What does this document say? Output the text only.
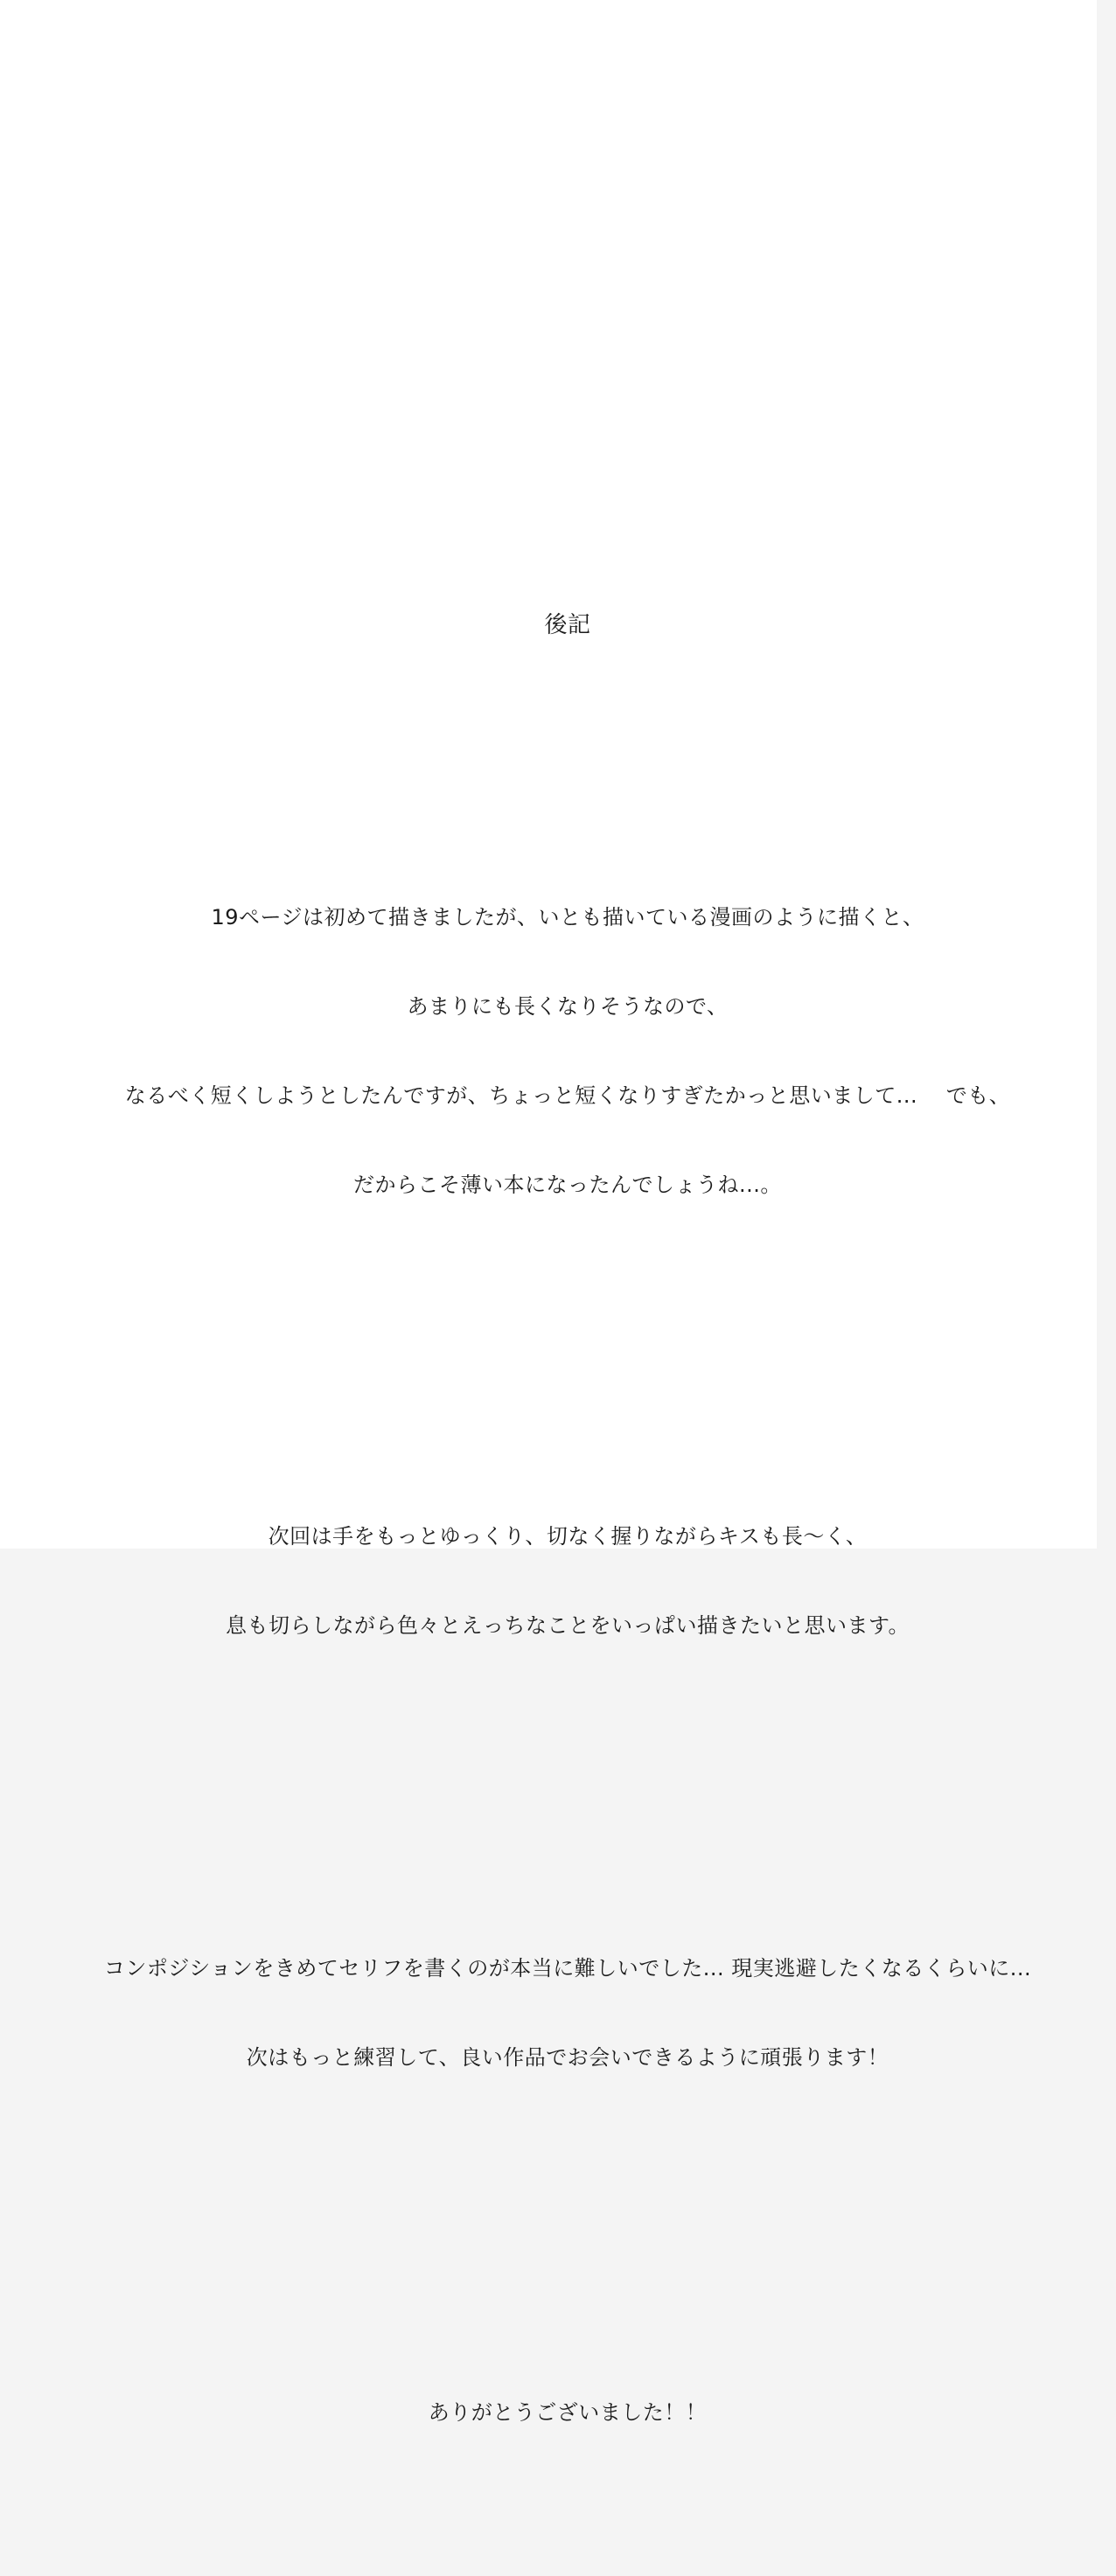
後記

19ページは初めて描きましたが、いとも描いている漫画のように描くと、

あまりにも長くなりそうなので、

なるべく短くしようとしたんですが、ちょっと短くなりすぎたかっと思いまして...　 でも、

だからこそ薄い本になったんでしょうね...。

次回は手をもっとゆっくり、切なく握りながらキスも長〜く、

息も切らしながら色々とえっちなことをいっぱい描きたいと思います。

コンポジションをきめてセリフを書くのが本当に難しいでした... 現実逃避したくなるくらいに...

次はもっと練習して、良い作品でお会いできるように頑張ります！

ありがとうございました！！
